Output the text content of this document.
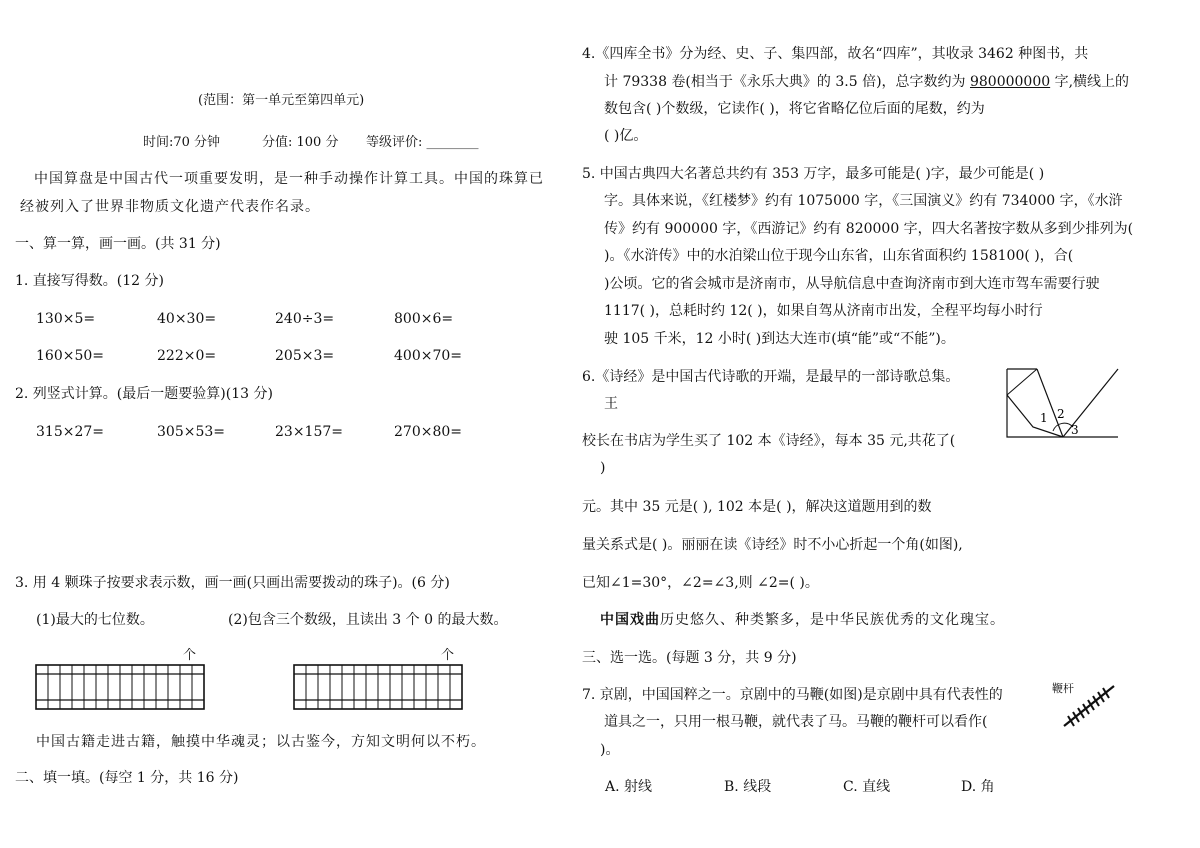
(范围：第一单元至第四单元)
时间:70 分钟	分值: 100 分 等级评价: ________
中国算盘是中国古代一项重要发明，是一种手动操作计算工具。中国的珠算已
经被列入了世界非物质文化遗产代表作名录。
一、算一算，画一画。(共 31 分)
1. 直接写得数。(12 分)
130×5=	40×30=	240÷3=	800×6=
160×50=	222×0=	205×3=	400×70=
2. 列竖式计算。(最后一题要验算)(13 分)
315×27=	305×53=	23×157=	270×80=
3. 用 4 颗珠子按要求表示数，画一画(只画出需要拨动的珠子)。(6 分)
(1)最大的七位数。	(2)包含三个数级，且读出 3 个 0 的最大数。
个	个
中国古籍走进古籍，触摸中华魂灵；以古鉴今，方知文明何以不朽。
二、填一填。(每空 1 分，共 16 分)
4.《四库全书》分为经、史、子、集四部，故名“四库”，其收录 3462 种图书，共
计 79338 卷(相当于《永乐大典》的 3.5 倍)，总字数约为 980000000 字,横线上的
数包含( )个数级，它读作( )，将它省略亿位后面的尾数，约为
( )亿。
5. 中国古典四大名著总共约有 353 万字，最多可能是( )字，最少可能是( )
字。具体来说，《红楼梦》约有 1075000 字，《三国演义》约有 734000 字，《水浒
传》约有 900000 字，《西游记》约有 820000 字，四大名著按字数从多到少排列为(
)。《水浒传》中的水泊梁山位于现今山东省，山东省面积约 158100( )，合(
)公顷。它的省会城市是济南市，从导航信息中查询济南市到大连市驾车需要行驶
1117( )，总耗时约 12( )，如果自驾从济南市出发，全程平均每小时行
驶 105 千米，12 小时( )到达大连市(填“能”或“不能”)。
6.《诗经》是中国古代诗歌的开端，是最早的一部诗歌总集。
王
校长在书店为学生买了 102 本《诗经》，每本 35 元,共花了(
)
元。其中 35 元是( ), 102 本是( )，解决这道题用到的数
量关系式是( )。丽丽在读《诗经》时不小心折起一个角(如图),
已知∠1=30°，∠2=∠3,则 ∠2=( )。
1 2
3
中国戏曲历史悠久、种类繁多，是中华民族优秀的文化瑰宝。
三、选一选。(每题 3 分，共 9 分)
7. 京剧，中国国粹之一。京剧中的马鞭(如图)是京剧中具有代表性的
道具之一，只用一根马鞭，就代表了马。马鞭的鞭杆可以看作(
)。
鞭杆
A. 射线	B. 线段	C. 直线	D. 角
